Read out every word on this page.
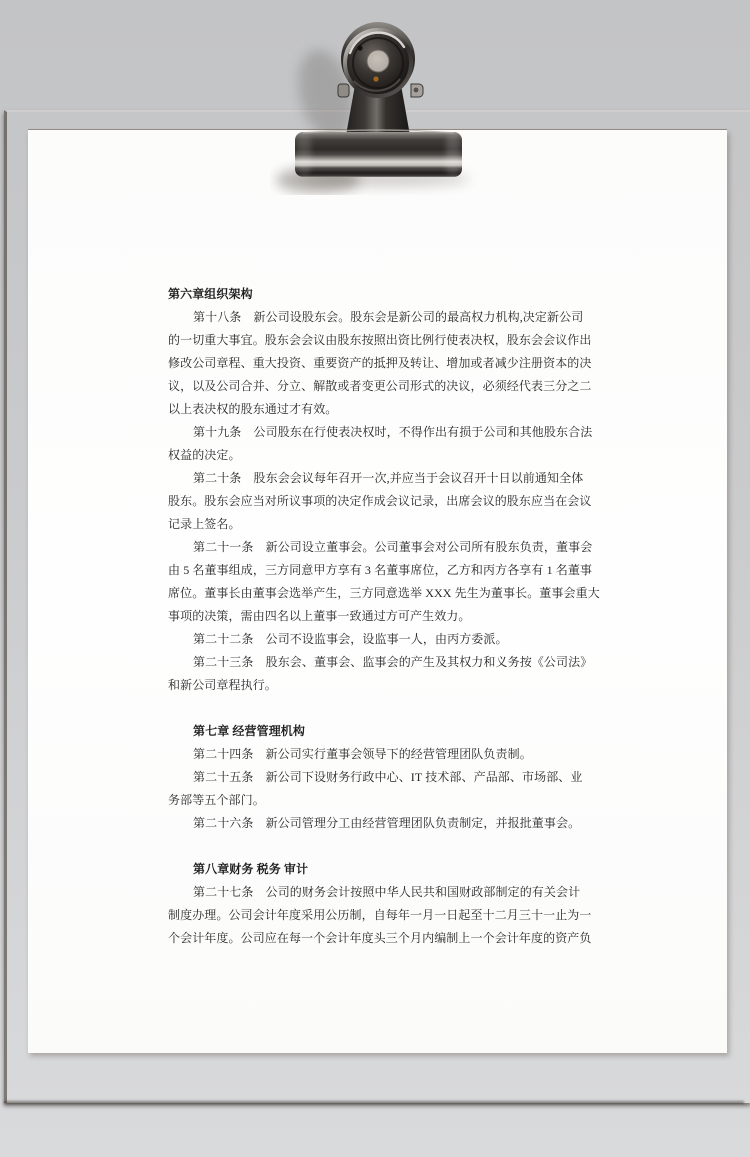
第六章组织架构
第十八条　新公司设股东会。股东会是新公司的最高权力机构,决定新公司
的一切重大事宜。股东会会议由股东按照出资比例行使表决权，股东会会议作出
修改公司章程、重大投资、重要资产的抵押及转让、增加或者减少注册资本的决
议，以及公司合并、分立、解散或者变更公司形式的决议，必须经代表三分之二
以上表决权的股东通过才有效。
第十九条　公司股东在行使表决权时，不得作出有损于公司和其他股东合法
权益的决定。
第二十条　股东会会议每年召开一次,并应当于会议召开十日以前通知全体
股东。股东会应当对所议事项的决定作成会议记录，出席会议的股东应当在会议
记录上签名。
第二十一条　新公司设立董事会。公司董事会对公司所有股东负责，董事会
由 5 名董事组成，三方同意甲方享有 3 名董事席位，乙方和丙方各享有 1 名董事
席位。董事长由董事会选举产生，三方同意选举 XXX 先生为董事长。董事会重大
事项的决策，需由四名以上董事一致通过方可产生效力。
第二十二条　公司不设监事会，设监事一人，由丙方委派。
第二十三条　股东会、董事会、监事会的产生及其权力和义务按《公司法》
和新公司章程执行。

第七章 经营管理机构
第二十四条　新公司实行董事会领导下的经营管理团队负责制。
第二十五条　新公司下设财务行政中心、IT 技术部、产品部、市场部、业
务部等五个部门。
第二十六条　新公司管理分工由经营管理团队负责制定，并报批董事会。

第八章财务 税务 审计
第二十七条　公司的财务会计按照中华人民共和国财政部制定的有关会计
制度办理。公司会计年度采用公历制，自每年一月一日起至十二月三十一止为一
个会计年度。公司应在每一个会计年度头三个月内编制上一个会计年度的资产负
